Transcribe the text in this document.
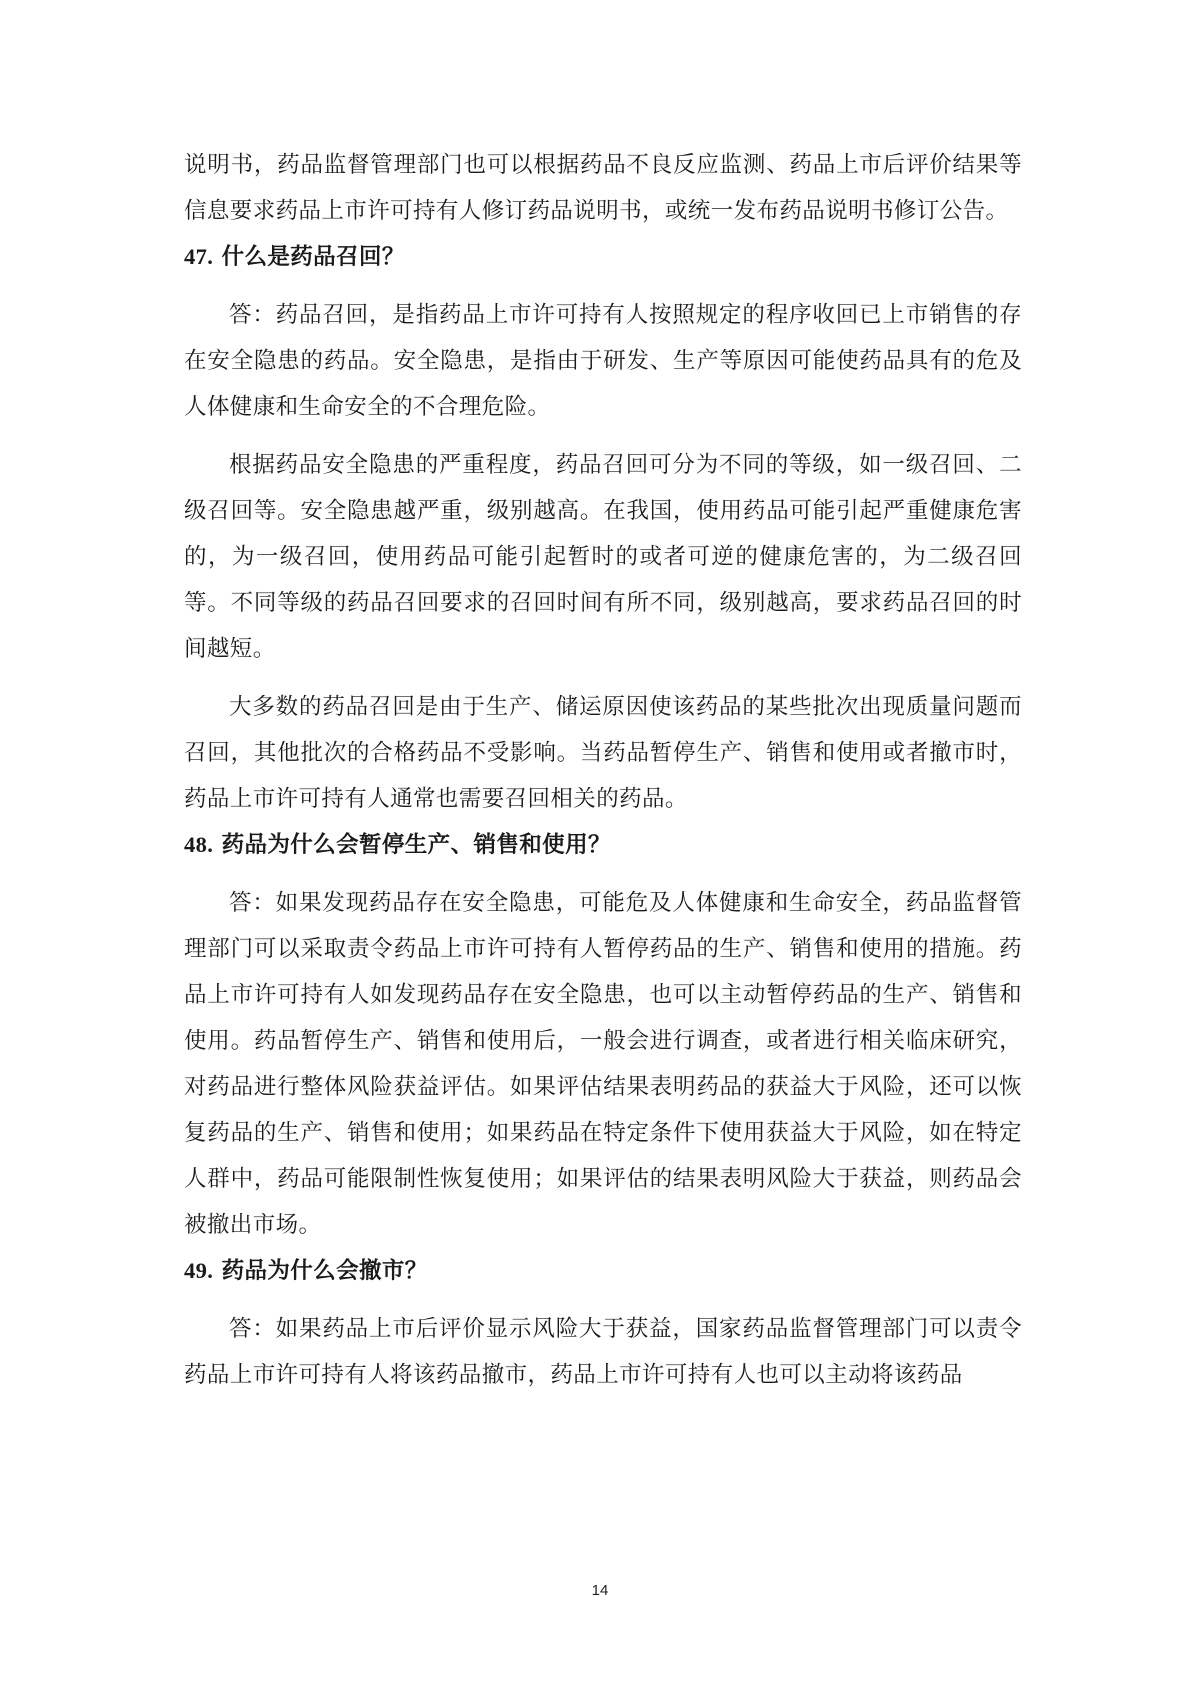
说明书，药品监督管理部门也可以根据药品不良反应监测、药品上市后评价结果等信息要求药品上市许可持有人修订药品说明书，或统一发布药品说明书修订公告。

47. 什么是药品召回？

答：药品召回，是指药品上市许可持有人按照规定的程序收回已上市销售的存在安全隐患的药品。安全隐患，是指由于研发、生产等原因可能使药品具有的危及人体健康和生命安全的不合理危险。

根据药品安全隐患的严重程度，药品召回可分为不同的等级，如一级召回、二级召回等。安全隐患越严重，级别越高。在我国，使用药品可能引起严重健康危害的，为一级召回，使用药品可能引起暂时的或者可逆的健康危害的，为二级召回等。不同等级的药品召回要求的召回时间有所不同，级别越高，要求药品召回的时间越短。

大多数的药品召回是由于生产、储运原因使该药品的某些批次出现质量问题而召回，其他批次的合格药品不受影响。当药品暂停生产、销售和使用或者撤市时，药品上市许可持有人通常也需要召回相关的药品。

48. 药品为什么会暂停生产、销售和使用？

答：如果发现药品存在安全隐患，可能危及人体健康和生命安全，药品监督管理部门可以采取责令药品上市许可持有人暂停药品的生产、销售和使用的措施。药品上市许可持有人如发现药品存在安全隐患，也可以主动暂停药品的生产、销售和使用。药品暂停生产、销售和使用后，一般会进行调查，或者进行相关临床研究，对药品进行整体风险获益评估。如果评估结果表明药品的获益大于风险，还可以恢复药品的生产、销售和使用；如果药品在特定条件下使用获益大于风险，如在特定人群中，药品可能限制性恢复使用；如果评估的结果表明风险大于获益，则药品会被撤出市场。

49. 药品为什么会撤市？

答：如果药品上市后评价显示风险大于获益，国家药品监督管理部门可以责令药品上市许可持有人将该药品撤市，药品上市许可持有人也可以主动将该药品

14
